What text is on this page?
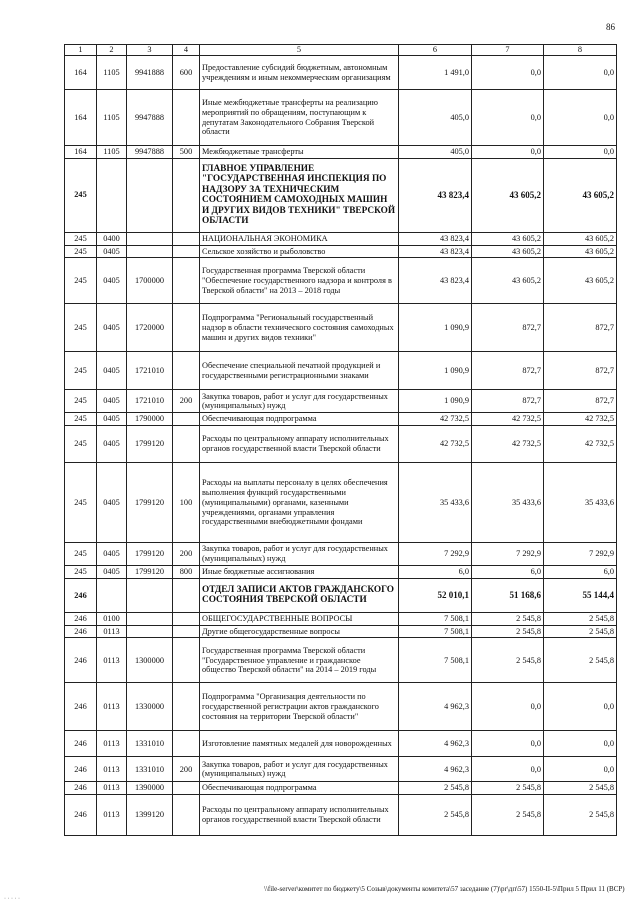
86
1	2	3	4	5	6	7	8
164	1105	9941888	600	Предоставление субсидий бюджетным, автономным учреждениям и иным некоммерческим организациям	1 491,0	0,0	0,0
164	1105	9947888		Иные межбюджетные трансферты на реализацию мероприятий по обращениям, поступающим к депутатам Законодательного Собрания Тверской области	405,0	0,0	0,0
164	1105	9947888	500	Межбюджетные трансферты	405,0	0,0	0,0
245				ГЛАВНОЕ УПРАВЛЕНИЕ "ГОСУДАРСТВЕННАЯ ИНСПЕКЦИЯ ПО НАДЗОРУ ЗА ТЕХНИЧЕСКИМ СОСТОЯНИЕМ САМОХОДНЫХ МАШИН И ДРУГИХ ВИДОВ ТЕХНИКИ" ТВЕРСКОЙ ОБЛАСТИ	43 823,4	43 605,2	43 605,2
245	0400			НАЦИОНАЛЬНАЯ ЭКОНОМИКА	43 823,4	43 605,2	43 605,2
245	0405			Сельское хозяйство и рыболовство	43 823,4	43 605,2	43 605,2
245	0405	1700000		Государственная программа Тверской области "Обеспечение государственного надзора и контроля в Тверской области" на 2013 – 2018 годы	43 823,4	43 605,2	43 605,2
245	0405	1720000		Подпрограмма "Региональный государственный надзор в области технического состояния самоходных машин и других видов техники"	1 090,9	872,7	872,7
245	0405	1721010		Обеспечение специальной печатной продукцией и государственными регистрационными знаками	1 090,9	872,7	872,7
245	0405	1721010	200	Закупка товаров, работ и услуг для государственных (муниципальных) нужд	1 090,9	872,7	872,7
245	0405	1790000		Обеспечивающая подпрограмма	42 732,5	42 732,5	42 732,5
245	0405	1799120		Расходы по центральному аппарату исполнительных органов государственной власти Тверской области	42 732,5	42 732,5	42 732,5
245	0405	1799120	100	Расходы на выплаты персоналу в целях обеспечения выполнения функций государственными (муниципальными) органами, казенными учреждениями, органами управления государственными внебюджетными фондами	35 433,6	35 433,6	35 433,6
245	0405	1799120	200	Закупка товаров, работ и услуг для государственных (муниципальных) нужд	7 292,9	7 292,9	7 292,9
245	0405	1799120	800	Иные бюджетные ассигнования	6,0	6,0	6,0
246				ОТДЕЛ ЗАПИСИ АКТОВ ГРАЖДАНСКОГО СОСТОЯНИЯ ТВЕРСКОЙ ОБЛАСТИ	52 010,1	51 168,6	55 144,4
246	0100			ОБЩЕГОСУДАРСТВЕННЫЕ ВОПРОСЫ	7 508,1	2 545,8	2 545,8
246	0113			Другие общегосударственные вопросы	7 508,1	2 545,8	2 545,8
246	0113	1300000		Государственная программа Тверской области "Государственное управление и гражданское общество Тверской области" на 2014 – 2019 годы	7 508,1	2 545,8	2 545,8
246	0113	1330000		Подпрограмма "Организация деятельности по государственной регистрации актов гражданского состояния на территории Тверской области"	4 962,3	0,0	0,0
246	0113	1331010		Изготовление памятных медалей для новорожденных	4 962,3	0,0	0,0
246	0113	1331010	200	Закупка товаров, работ и услуг для государственных (муниципальных) нужд	4 962,3	0,0	0,0
246	0113	1390000		Обеспечивающая подпрограмма	2 545,8	2 545,8	2 545,8
246	0113	1399120		Расходы по центральному аппарату исполнительных органов государственной власти Тверской области	2 545,8	2 545,8	2 545,8
\\file-server\комитет по бюджету\5 Созыв\документы комитета\57 заседание (7)\pr\дп\57) 1550-II-5\Прил 5 Прил 11 (ВСР)
· · · · ·
